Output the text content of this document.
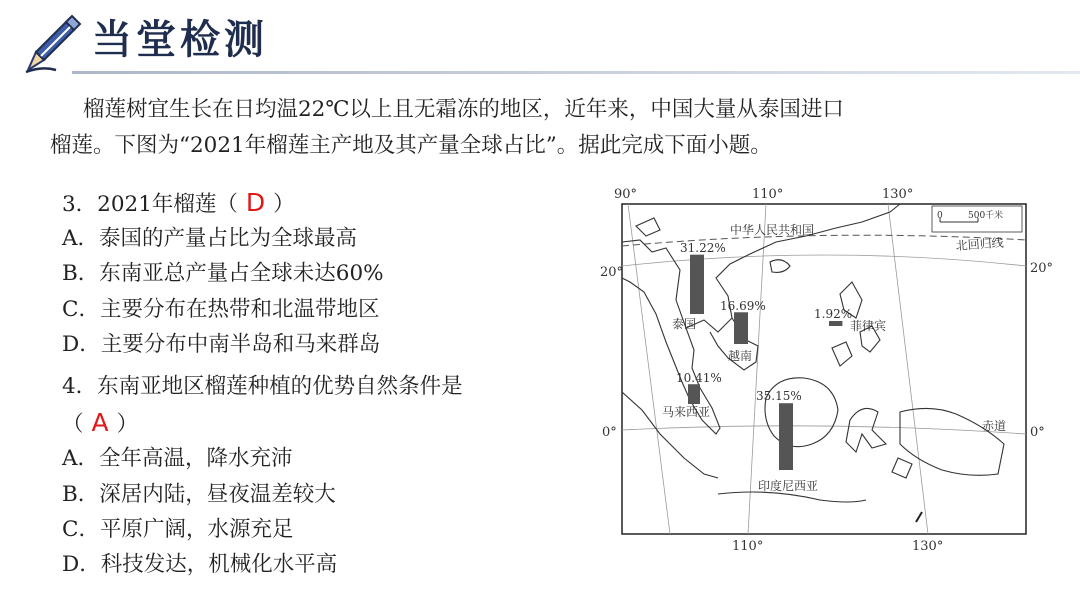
当堂检测

榴莲树宜生长在日均温22℃以上且无霜冻的地区，近年来，中国大量从泰国进口

榴莲。下图为“2021年榴莲主产地及其产量全球占比”。据此完成下面小题。

3．2021年榴莲（ D ）
A．泰国的产量占比为全球最高
B．东南亚总产量占全球未达60%
C．主要分布在热带和北温带地区
D．主要分布中南半岛和马来群岛
4．东南亚地区榴莲种植的优势自然条件是
（ A ）
A．全年高温，降水充沛
B．深居内陆，昼夜温差较大
C．平原广阔，水源充足
D．科技发达，机械化水平高
0	500千米
90°	110°	130°
110°	130°
20°	20°
0°	0°
中华人民共和国
北回归线
赤道
31.22%
泰国
16.69%
越南
1.92%
菲律宾
10.41%
马来西亚
35.15%
印度尼西亚
